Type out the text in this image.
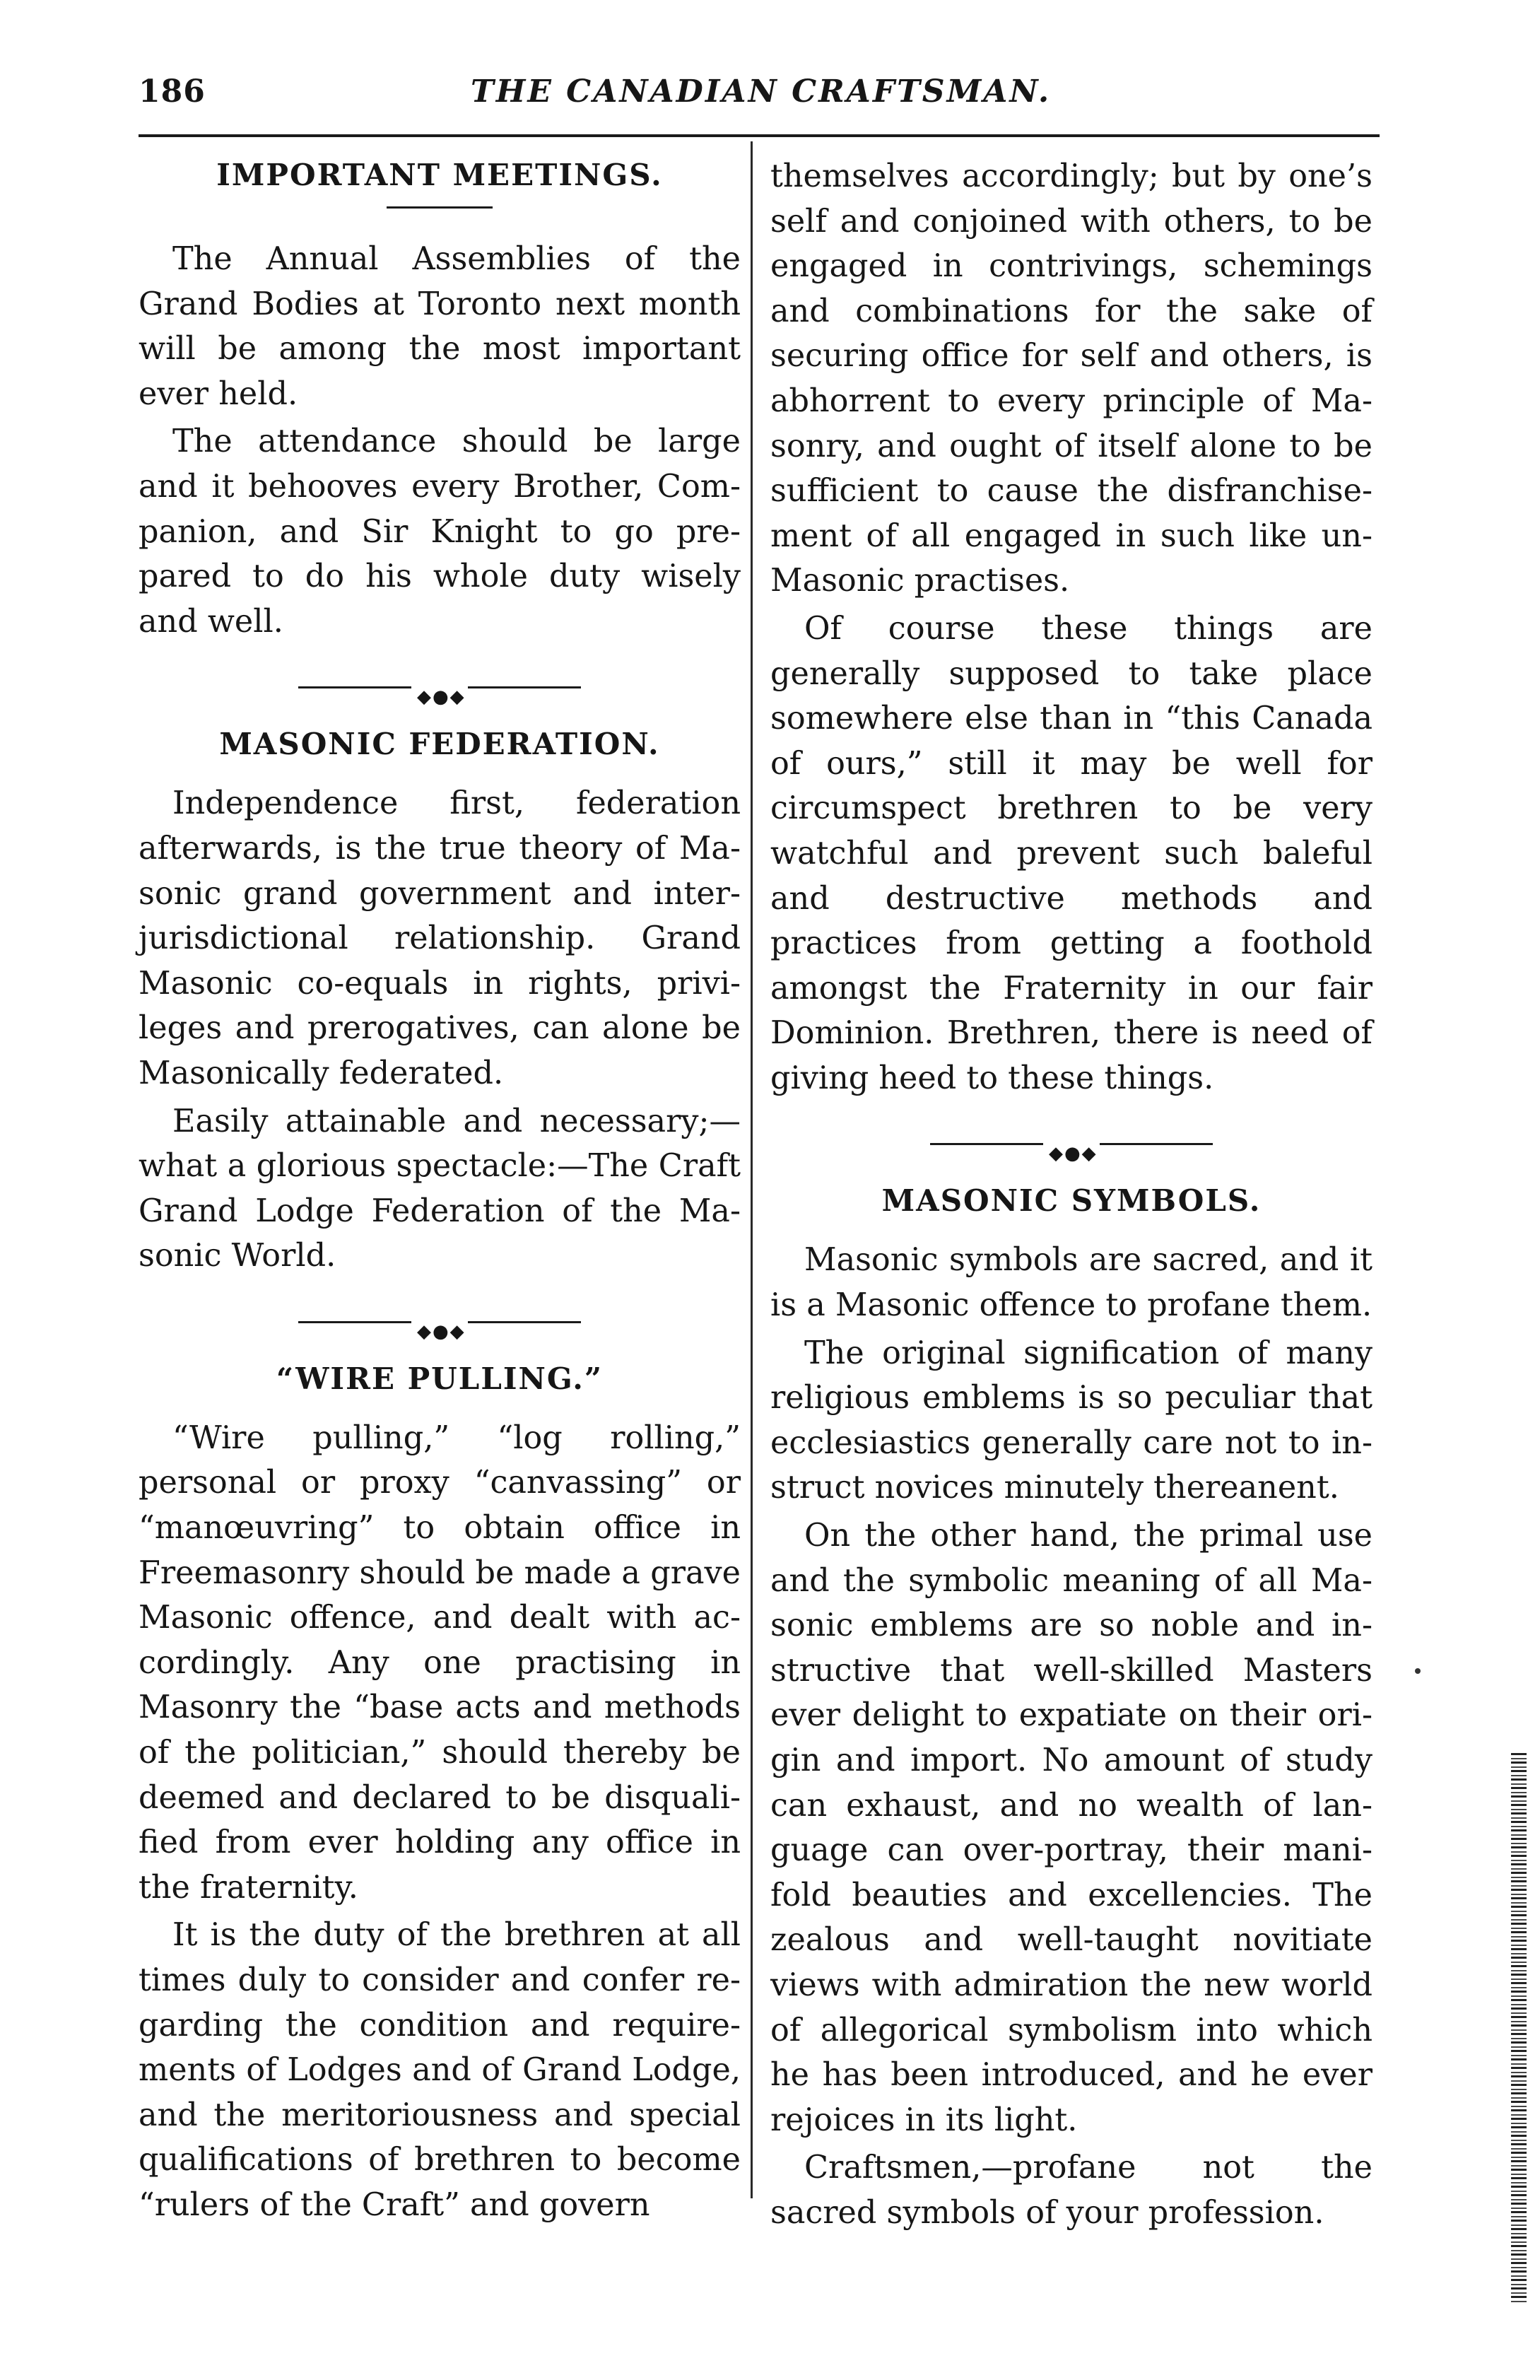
186	THE CANADIAN CRAFTSMAN.
IMPORTANT MEETINGS.

The Annual Assemblies of the Grand Bodies at Toronto next month will be among the most important ever held.

The attendance should be large and it behooves every Brother, Companion, and Sir Knight to go prepared to do his whole duty wisely and well.

◆●◆
MASONIC FEDERATION.

Independence first, federation afterwards, is the true theory of Masonic grand government and inter-jurisdictional relationship. Grand Masonic co-equals in rights, privileges and prerogatives, can alone be Masonically federated.

Easily attainable and necessary;—what a glorious spectacle:—The Craft Grand Lodge Federation of the Masonic World.

◆●◆
“WIRE PULLING.”

“Wire pulling,” “log rolling,” personal or proxy “canvassing” or “manœuvring” to obtain office in Freemasonry should be made a grave Masonic offence, and dealt with accordingly. Any one practising in Masonry the “base acts and methods of the politician,” should thereby be deemed and declared to be disqualified from ever holding any office in the fraternity.

It is the duty of the brethren at all times duly to consider and confer regarding the condition and requirements of Lodges and of Grand Lodge, and the meritoriousness and special qualifications of brethren to become “rulers of the Craft” and govern

themselves accordingly; but by one’s self and conjoined with others, to be engaged in contrivings, schemings and combinations for the sake of securing office for self and others, is abhorrent to every principle of Masonry, and ought of itself alone to be sufficient to cause the disfranchisement of all engaged in such like un-Masonic practises.

Of course these things are generally supposed to take place somewhere else than in “this Canada of ours,” still it may be well for circumspect brethren to be very watchful and prevent such baleful and destructive methods and practices from getting a foothold amongst the Fraternity in our fair Dominion. Brethren, there is need of giving heed to these things.

◆●◆
MASONIC SYMBOLS.

Masonic symbols are sacred, and it is a Masonic offence to profane them.

The original signification of many religious emblems is so peculiar that ecclesiastics generally care not to instruct novices minutely thereanent.

On the other hand, the primal use and the symbolic meaning of all Masonic emblems are so noble and instructive that well-skilled Masters ever delight to expatiate on their origin and import. No amount of study can exhaust, and no wealth of language can over-portray, their manifold beauties and excellencies. The zealous and well-taught novitiate views with admiration the new world of allegorical symbolism into which he has been introduced, and he ever rejoices in its light.

Craftsmen,—profane not the sacred symbols of your profession.
